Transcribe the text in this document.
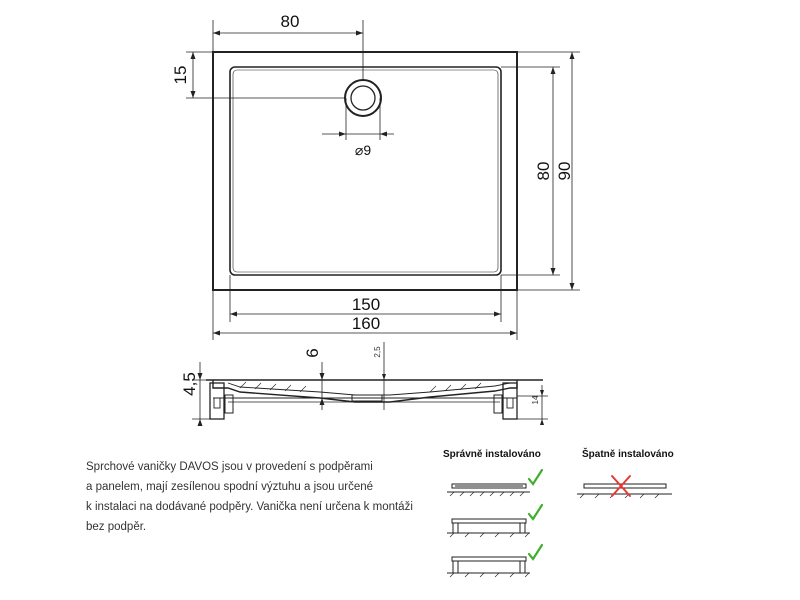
80
15
⌀9
80 90
150
160
4,5
6	2,5
14
Správně instalováno	Špatně instalováno
Sprchové vaničky DAVOS jsou v provedení s podpěrami
a panelem, mají zesílenou spodní výztuhu a jsou určené
k instalaci na dodávané podpěry. Vanička není určena k montáži
bez podpěr.
